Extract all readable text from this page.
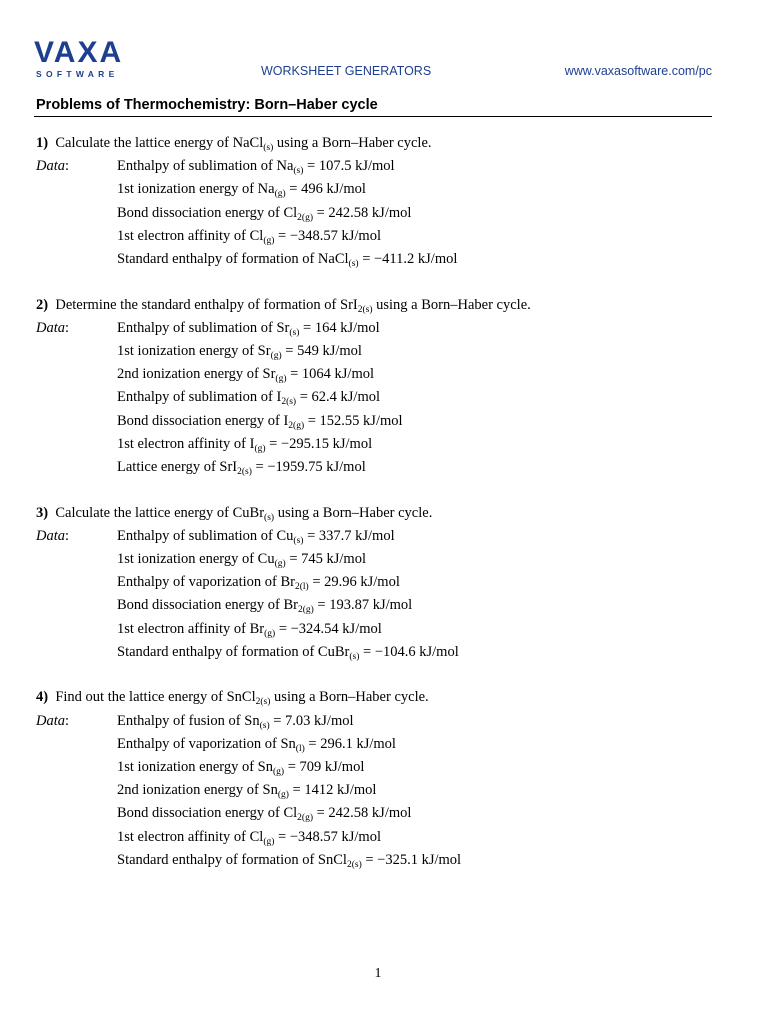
VAXA
SOFTWARE	WORKSHEET GENERATORS	www.vaxasoftware.com/pc
Problems of Thermochemistry: Born–Haber cycle
1) Calculate the lattice energy of NaCl$_{(s)}$ using a Born–Haber cycle.
Data:	Enthalpy of sublimation of $Na_{(s)} = 107.5$ kJ/mol
1st ionization energy of $Na_{(g)} = 496$ kJ/mol
Bond dissociation energy of $Cl_{2(g)} = 242.58$ kJ/mol
1st electron affinity of $Cl_{(g)} = -348.57$ kJ/mol
Standard enthalpy of formation of NaCl$_{(s)}$ = −411.2 kJ/mol
2) Determine the standard enthalpy of formation of SrI$_{2(s)}$ using a Born–Haber cycle.
Data:	Enthalpy of sublimation of $Sr_{(s)} = 164$ kJ/mol
1st ionization energy of $Sr_{(g)} = 549$ kJ/mol
2nd ionization energy of $Sr_{(g)} = 1064$ kJ/mol
Enthalpy of sublimation of $I_{2(s)} = 62.4$ kJ/mol
Bond dissociation energy of $I_{2(g)} = 152.55$ kJ/mol
1st electron affinity of $I_{(g)} = -295.15$ kJ/mol
Lattice energy of SrI$_{2(s)}$ = −1959.75 kJ/mol
3) Calculate the lattice energy of CuBr$_{(s)}$ using a Born–Haber cycle.
Data:	Enthalpy of sublimation of $Cu_{(s)} = 337.7$ kJ/mol
1st ionization energy of $Cu_{(g)} = 745$ kJ/mol
Enthalpy of vaporization of $Br_{2(l)} = 29.96$ kJ/mol
Bond dissociation energy of $Br_{2(g)} = 193.87$ kJ/mol
1st electron affinity of $Br_{(g)} = -324.54$ kJ/mol
Standard enthalpy of formation of CuBr$_{(s)}$ = −104.6 kJ/mol
4) Find out the lattice energy of SnCl$_{2(s)}$ using a Born–Haber cycle.
Data:	Enthalpy of fusion of $Sn_{(s)} = 7.03$ kJ/mol
Enthalpy of vaporization of $Sn_{(l)} = 296.1$ kJ/mol
1st ionization energy of $Sn_{(g)} = 709$ kJ/mol
2nd ionization energy of $Sn_{(g)} = 1412$ kJ/mol
Bond dissociation energy of $Cl_{2(g)} = 242.58$ kJ/mol
1st electron affinity of $Cl_{(g)} = -348.57$ kJ/mol
Standard enthalpy of formation of SnCl$_{2(s)}$ = −325.1 kJ/mol
1
